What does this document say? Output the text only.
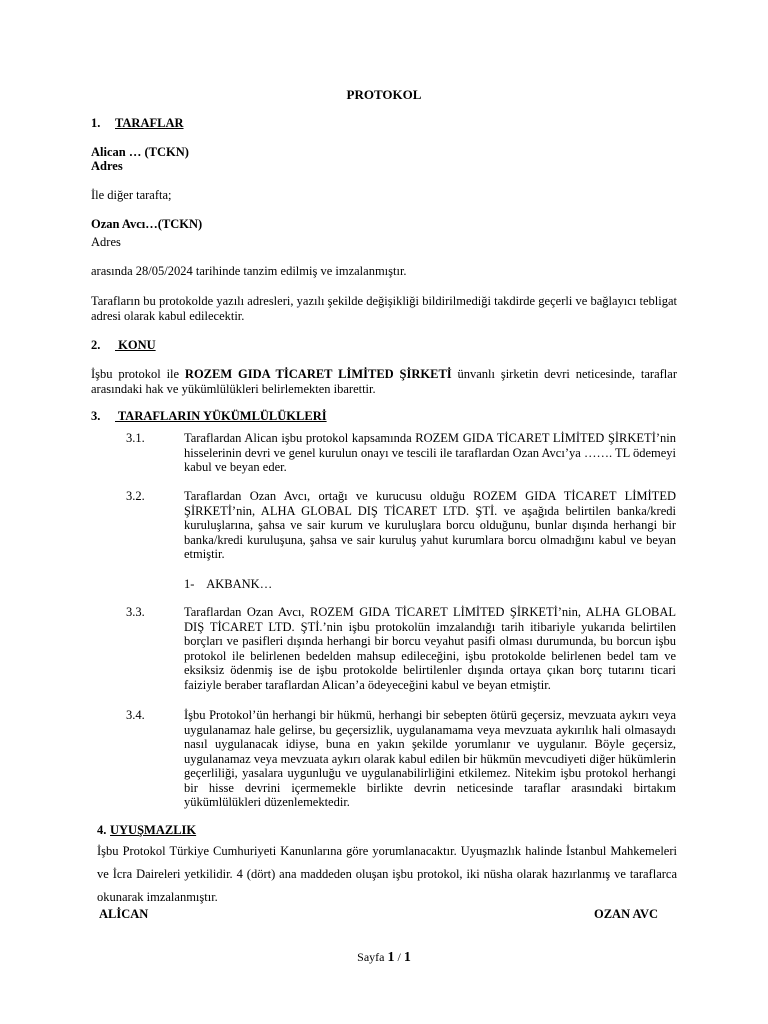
PROTOKOL
1. TARAFLAR
Alican … (TCKN)
Adres
İle diğer tarafta;
Ozan Avcı…(TCKN)
Adres
arasında 28/05/2024 tarihinde tanzim edilmiş ve imzalanmıştır.
Tarafların bu protokolde yazılı adresleri, yazılı şekilde değişikliği bildirilmediği takdirde geçerli ve bağlayıcı tebligat adresi olarak kabul edilecektir.
2. KONU
İşbu protokol ile ROZEM GIDA TİCARET LİMİTED ŞİRKETİ ünvanlı şirketin devri neticesinde, taraflar arasındaki hak ve yükümlülükleri belirlemekten ibarettir.
3. TARAFLARIN YÜKÜMLÜLÜKLERİ
3.1.	Taraflardan Alican işbu protokol kapsamında ROZEM GIDA TİCARET LİMİTED ŞİRKETİ’nin hisselerinin devri ve genel kurulun onayı ve tescili ile taraflardan Ozan Avcı’ya ……. TL ödemeyi kabul ve beyan eder.
3.2.	Taraflardan Ozan Avcı, ortağı ve kurucusu olduğu ROZEM GIDA TİCARET LİMİTED ŞİRKETİ’nin, ALHA GLOBAL DIŞ TİCARET LTD. ŞTİ. ve aşağıda belirtilen banka/kredi kuruluşlarına, şahsa ve sair kurum ve kuruluşlara borcu olduğunu, bunlar dışında herhangi bir banka/kredi kuruluşuna, şahsa ve sair kuruluş yahut kurumlara borcu olmadığını kabul ve beyan etmiştir.
1-    AKBANK…
3.3.	Taraflardan Ozan Avcı, ROZEM GIDA TİCARET LİMİTED ŞİRKETİ’nin, ALHA GLOBAL DIŞ TİCARET LTD. ŞTİ.’nin işbu protokolün imzalandığı tarih itibariyle yukarıda belirtilen borçları ve pasifleri dışında herhangi bir borcu veyahut pasifi olması durumunda, bu borcun işbu protokol ile belirlenen bedelden mahsup edileceğini, işbu protokolde belirlenen bedel tam ve eksiksiz ödenmiş ise de işbu protokolde belirtilenler dışında ortaya çıkan borç tutarını ticari faiziyle beraber taraflardan Alican’a ödeyeceğini kabul ve beyan etmiştir.
3.4.	İşbu Protokol’ün herhangi bir hükmü, herhangi bir sebepten ötürü geçersiz, mevzuata aykırı veya uygulanamaz hale gelirse, bu geçersizlik, uygulanamama veya mevzuata aykırılık hali olmasaydı nasıl uygulanacak idiyse, buna en yakın şekilde yorumlanır ve uygulanır. Böyle geçersiz, uygulanamaz veya mevzuata aykırı olarak kabul edilen bir hükmün mevcudiyeti diğer hükümlerin geçerliliği, yasalara uygunluğu ve uygulanabilirliğini etkilemez. Nitekim işbu protokol herhangi bir hisse devrini içermemekle birlikte devrin neticesinde taraflar arasındaki birtakım yükümlülükleri düzenlemektedir.
4. UYUŞMAZLIK
İşbu Protokol Türkiye Cumhuriyeti Kanunlarına göre yorumlanacaktır. Uyuşmazlık halinde İstanbul Mahkemeleri ve İcra Daireleri yetkilidir. 4 (dört) ana maddeden oluşan işbu protokol, iki nüsha olarak hazırlanmış ve taraflarca okunarak imzalanmıştır.
ALİCAN	OZAN AVC
Sayfa 1 / 1
